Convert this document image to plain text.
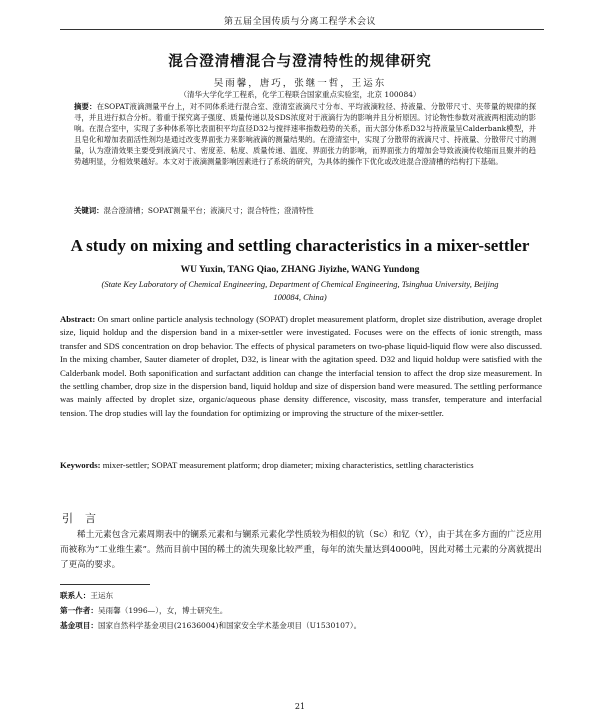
第五届全国传质与分离工程学术会议
混合澄清槽混合与澄清特性的规律研究
吴雨馨，唐巧，张继一哲，王运东
（清华大学化学工程系，化学工程联合国家重点实验室，北京 100084）

摘要：在SOPAT液滴测量平台上，对不同体系进行混合室、澄清室液滴尺寸分布、平均液滴粒径、持液量、分散带尺寸、夹带量的规律的探寻，并且进行拟合分析。着重于探究离子强度、质量传递以及SDS浓度对于液滴行为的影响并且分析原因。讨论物性参数对液液两相流动的影响。在混合室中，实现了多种体系等比表面积平均直径D32与搅拌速率指数趋势的关系，而大部分体系D32与持液量呈Calderbank模型，并且皂化和增加表面活性剂均是通过改变界面张力来影响液滴的测量结果的。在澄清室中，实现了分散带的液滴尺寸、持液量、分散带尺寸的测量，认为澄清效果主要受到液滴尺寸、密度差、粘度、质量传递、温度、界面张力的影响，而界面张力的增加会导致液滴传收缩而且聚并的趋势越明显，分相效果越好。本文对于液滴测量影响因素进行了系统的研究，为具体的操作下优化或改进混合澄清槽的结构打下基础。

关键词：混合澄清槽；SOPAT测量平台；液滴尺寸；混合特性；澄清特性

A study on mixing and settling characteristics in a mixer-settler
WU Yuxin, TANG Qiao, ZHANG Jiyizhe, WANG Yundong

(State Key Laboratory of Chemical Engineering, Department of Chemical Engineering, Tsinghua University, Beijing 100084, China)

Abstract: On smart online particle analysis technology (SOPAT) droplet measurement platform, droplet size distribution, average droplet size, liquid holdup and the dispersion band in a mixer-settler were investigated. Focuses were on the effects of ionic strength, mass transfer and SDS concentration on drop behavior. The effects of physical parameters on two-phase liquid-liquid flow were also discussed. In the mixing chamber, Sauter diameter of droplet, D32, is linear with the agitation speed. D32 and liquid holdup were satisfied with the Calderbank model. Both saponification and surfactant addition can change the interfacial tension to affect the drop size measurement. In the settling chamber, drop size in the dispersion band, liquid holdup and size of dispersion band were measured. The settling performance was mainly affected by droplet size, organic/aqueous phase density difference, viscosity, mass transfer, temperature and interfacial tension. The drop studies will lay the foundation for optimizing or improving the structure of the mixer-settler.

Keywords: mixer-settler; SOPAT measurement platform; drop diameter; mixing characteristics, settling characteristics

引言

稀土元素包含元素周期表中的镧系元素和与镧系元素化学性质较为相似的钪（Sc）和钇（Y），由于其在多方面的广泛应用而被称为“工业维生素”。然而目前中国的稀土的流失现象比较严重，每年的流失量达到4000吨，因此对稀土元素的分离就提出了更高的要求。

联系人：王运东

第一作者：吴雨馨（1996—），女，博士研究生。

基金项目：国家自然科学基金项目(21636004)和国家安全学术基金项目（U1530107）。

21
